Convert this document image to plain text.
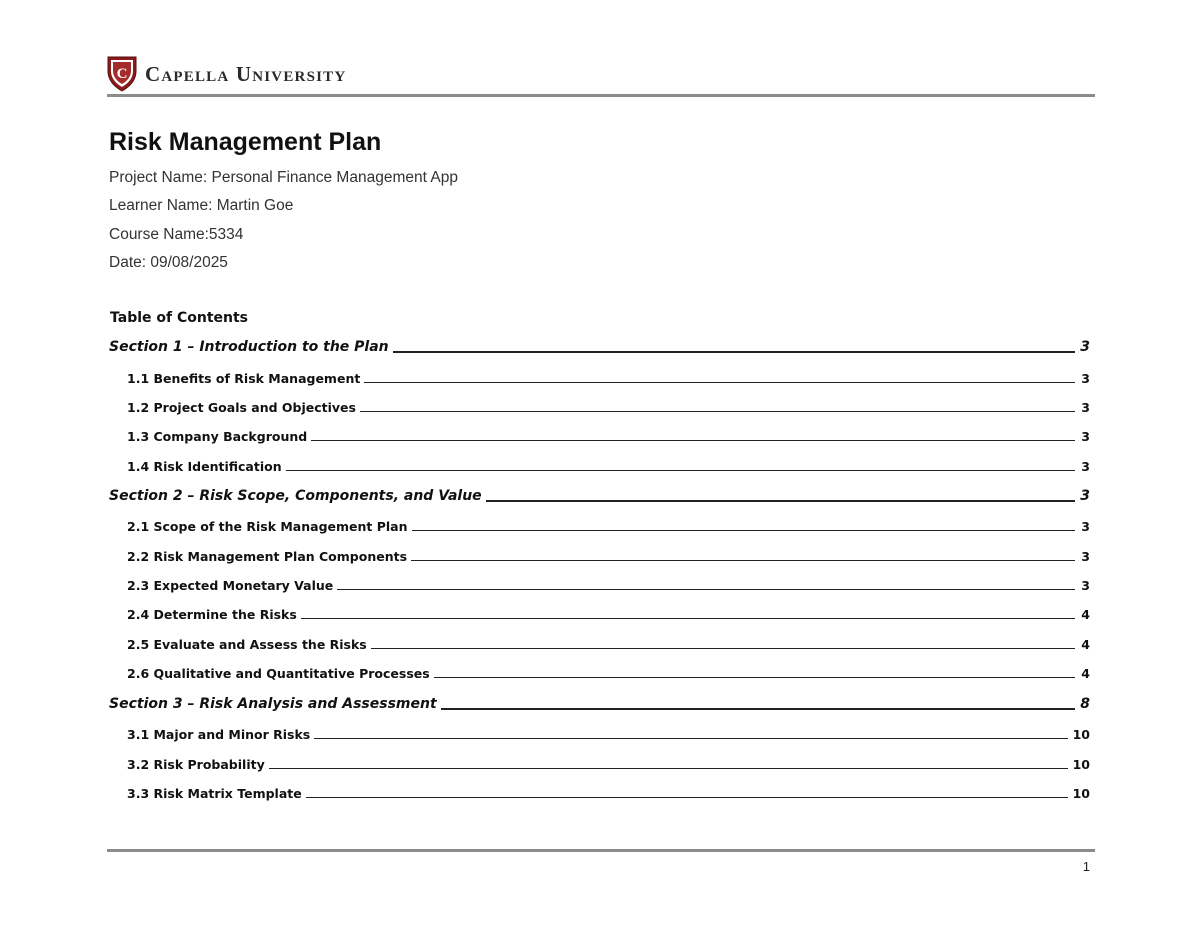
C Capella University
Risk Management Plan
Project Name: Personal Finance Management App
Learner Name: Martin Goe
Course Name:5334
Date: 09/08/2025
Table of Contents
Section 1 – Introduction to the Plan	3
1.1 Benefits of Risk Management	3
1.2 Project Goals and Objectives	3
1.3 Company Background	3
1.4 Risk Identification	3
Section 2 – Risk Scope, Components, and Value	3
2.1 Scope of the Risk Management Plan	3
2.2 Risk Management Plan Components	3
2.3 Expected Monetary Value	3
2.4 Determine the Risks	4
2.5 Evaluate and Assess the Risks	4
2.6 Qualitative and Quantitative Processes	4
Section 3 – Risk Analysis and Assessment	8
3.1 Major and Minor Risks	10
3.2 Risk Probability	10
3.3 Risk Matrix Template	10
1
